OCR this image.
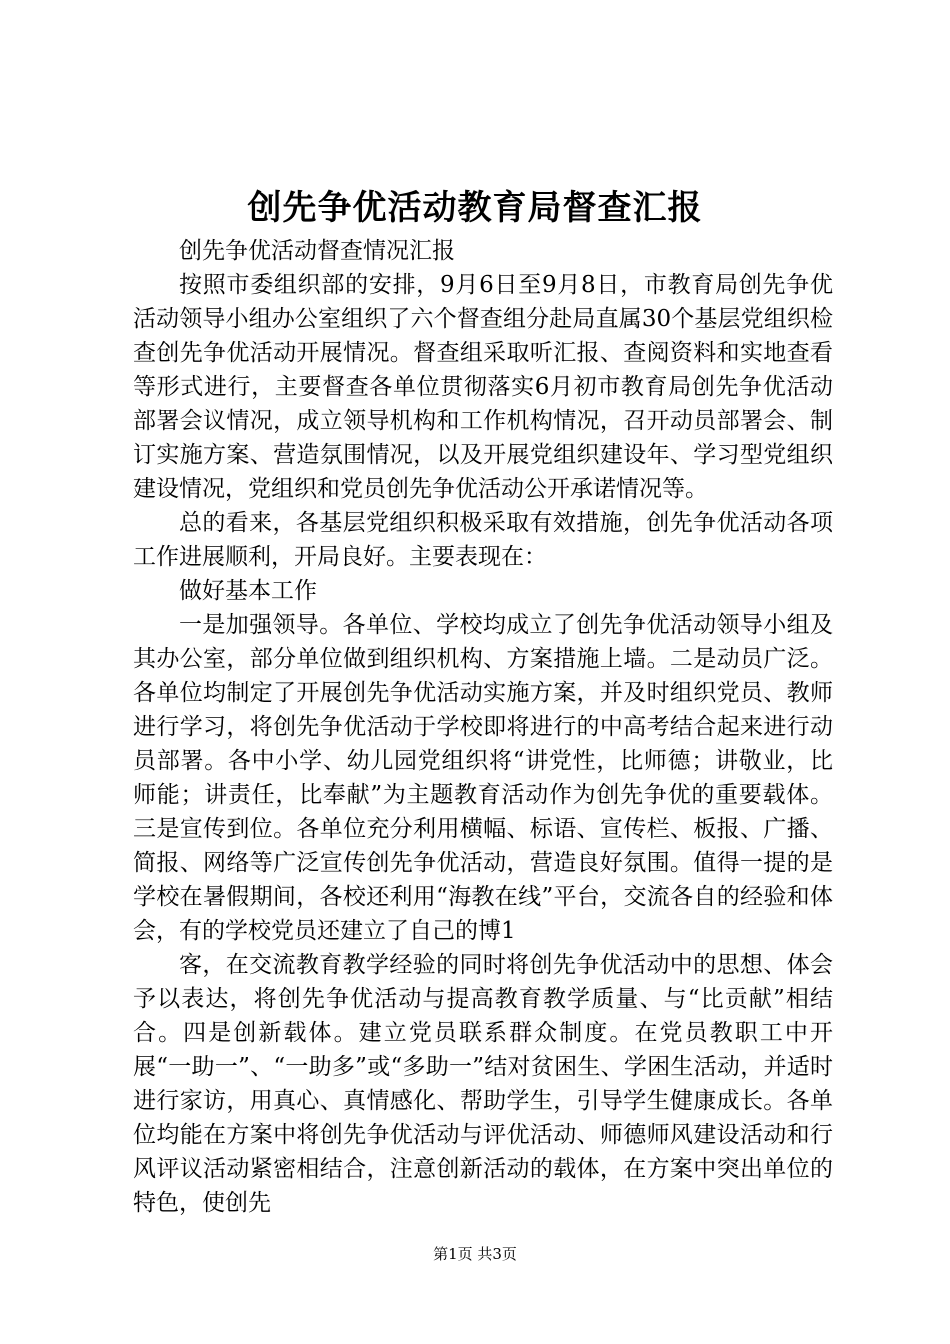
创先争优活动教育局督查汇报

创先争优活动督查情况汇报

按照市委组织部的安排，9月6日至9月8日，市教育局创先争优活动领导小组办公室组织了六个督查组分赴局直属30个基层党组织检查创先争优活动开展情况。督查组采取听汇报、查阅资料和实地查看等形式进行，主要督查各单位贯彻落实6月初市教育局创先争优活动部署会议情况，成立领导机构和工作机构情况，召开动员部署会、制订实施方案、营造氛围情况，以及开展党组织建设年、学习型党组织建设情况，党组织和党员创先争优活动公开承诺情况等。

总的看来，各基层党组织积极采取有效措施，创先争优活动各项工作进展顺利，开局良好。主要表现在：

做好基本工作

一是加强领导。各单位、学校均成立了创先争优活动领导小组及其办公室，部分单位做到组织机构、方案措施上墙。二是动员广泛。各单位均制定了开展创先争优活动实施方案，并及时组织党员、教师进行学习，将创先争优活动于学校即将进行的中高考结合起来进行动员部署。各中小学、幼儿园党组织将“讲党性，比师德；讲敬业，比师能；讲责任，比奉献”为主题教育活动作为创先争优的重要载体。三是宣传到位。各单位充分利用横幅、标语、宣传栏、板报、广播、简报、网络等广泛宣传创先争优活动，营造良好氛围。值得一提的是学校在暑假期间，各校还利用“海教在线”平台，交流各自的经验和体会，有的学校党员还建立了自己的博1

客，在交流教育教学经验的同时将创先争优活动中的思想、体会予以表达，将创先争优活动与提高教育教学质量、与“比贡献”相结合。四是创新载体。建立党员联系群众制度。在党员教职工中开展“一助一”、“一助多”或“多助一”结对贫困生、学困生活动，并适时进行家访，用真心、真情感化、帮助学生，引导学生健康成长。各单位均能在方案中将创先争优活动与评优活动、师德师风建设活动和行风评议活动紧密相结合，注意创新活动的载体，在方案中突出单位的特色，使创先

第1页 共3页
